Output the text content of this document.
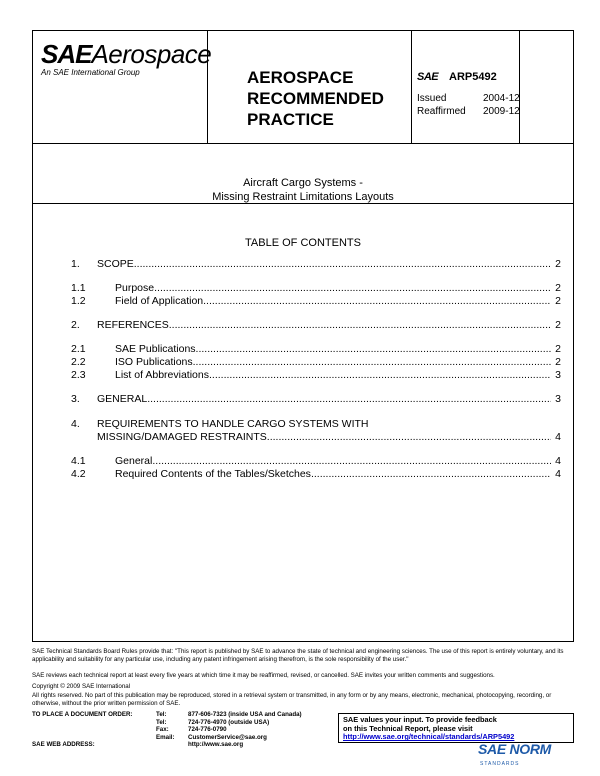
SAEAerospace
An SAE International Group	AEROSPACE
RECOMMENDED
PRACTICE
SAE ARP5492
Issued	2004-12
Reaffirmed 2009-12
Aircraft Cargo Systems -
Missing Restraint Limitations Layouts
TABLE OF CONTENTS
1. SCOPE .....	2
1.1	Purpose .....	2
1.2	Field of Application .....	2
2. REFERENCES .....	2
2.1	SAE Publications .....	2
2.2	ISO Publications .....	2
2.3	List of Abbreviations .....	3
3. GENERAL .....	3
4. REQUIREMENTS TO HANDLE CARGO SYSTEMS WITH
MISSING/DAMAGED RESTRAINTS .....	4
4.1	General .....	4
4.2	Required Contents of the Tables/Sketches .....	4
SAE Technical Standards Board Rules provide that: "This report is published by SAE to advance the state of technical and engineering sciences. The use of this report is entirely voluntary, and its applicability and suitability for any particular use, including any patent infringement arising therefrom, is the sole responsibility of the user."
SAE reviews each technical report at least every five years at which time it may be reaffirmed, revised, or cancelled. SAE invites your written comments and suggestions.
Copyright © 2009 SAE International
All rights reserved. No part of this publication may be reproduced, stored in a retrieval system or transmitted, in any form or by any means, electronic, mechanical, photocopying, recording, or otherwise, without the prior written permission of SAE.
TO PLACE A DOCUMENT ORDER:	Tel:	877-606-7323 (inside USA and Canada)
Tel:	724-776-4970 (outside USA)
Fax:	724-776-0790
Email: CustomerService@sae.org
SAE WEB ADDRESS:	http://www.sae.org
SAE values your input. To provide feedback
on this Technical Report, please visit
http://www.sae.org/technical/standards/ARP5492
SAE NORM
STANDARDS
